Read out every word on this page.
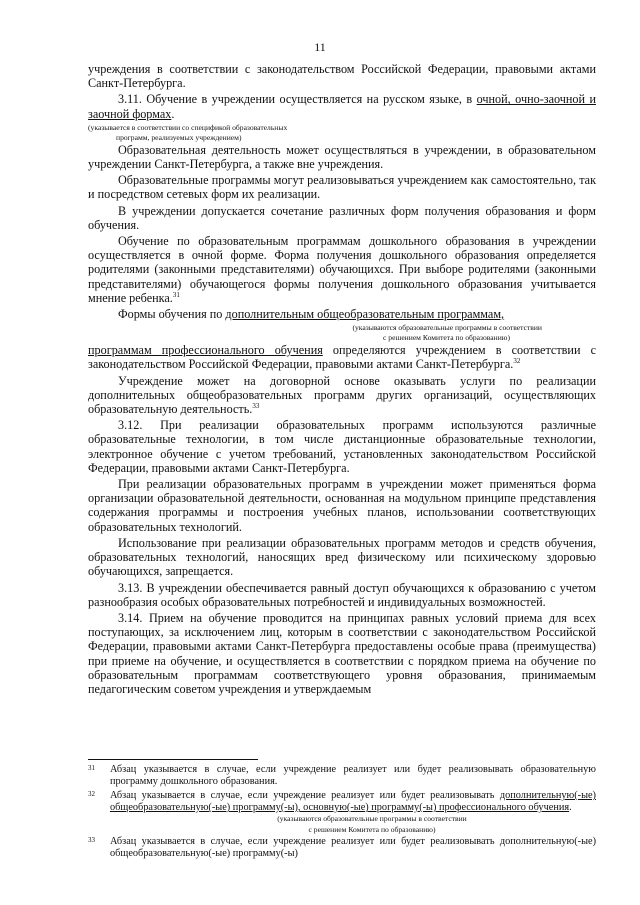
11

учреждения в соответствии с законодательством Российской Федерации, правовыми актами Санкт-Петербурга.

3.11. Обучение в учреждении осуществляется на русском языке, в очной, очно-заочной и заочной формах.

(указывается в соответствии со спецификой образовательных

программ, реализуемых учреждением)

Образовательная деятельность может осуществляться в учреждении, в образовательном учреждении Санкт-Петербурга, а также вне учреждения.

Образовательные программы могут реализовываться учреждением как самостоятельно, так и посредством сетевых форм их реализации.

В учреждении допускается сочетание различных форм получения образования и форм обучения.

Обучение по образовательным программам дошкольного образования в учреждении осуществляется в очной форме. Форма получения дошкольного образования определяется родителями (законными представителями) обучающихся. При выборе родителями (законными представителями) обучающегося формы получения дошкольного образования учитывается мнение ребенка.$^{31}$

Формы обучения по дополнительным общеобразовательным программам,

(указываются образовательные программы в соответствии

с решением Комитета по образованию)

программам профессионального обучения определяются учреждением в соответствии с законодательством Российской Федерации, правовыми актами Санкт-Петербурга.$^{32}$

Учреждение может на договорной основе оказывать услуги по реализации дополнительных общеобразовательных программ других организаций, осуществляющих образовательную деятельность.$^{33}$

3.12. При реализации образовательных программ используются различные образовательные технологии, в том числе дистанционные образовательные технологии, электронное обучение с учетом требований, установленных законодательством Российской Федерации, правовыми актами Санкт-Петербурга.

При реализации образовательных программ в учреждении может применяться форма организации образовательной деятельности, основанная на модульном принципе представления содержания программы и построения учебных планов, использовании соответствующих образовательных технологий.

Использование при реализации образовательных программ методов и средств обучения, образовательных технологий, наносящих вред физическому или психическому здоровью обучающихся, запрещается.

3.13. В учреждении обеспечивается равный доступ обучающихся к образованию с учетом разнообразия особых образовательных потребностей и индивидуальных возможностей.

3.14. Прием на обучение проводится на принципах равных условий приема для всех поступающих, за исключением лиц, которым в соответствии с законодательством Российской Федерации, правовыми актами Санкт-Петербурга предоставлены особые права (преимущества) при приеме на обучение, и осуществляется в соответствии с порядком приема на обучение по образовательным программам соответствующего уровня образования, принимаемым педагогическим советом учреждения и утверждаемым

31 Абзац указывается в случае, если учреждение реализует или будет реализовывать образовательную программу дошкольного образования.

32 Абзац указывается в случае, если учреждение реализует или будет реализовывать дополнительную(-ые) общеобразовательную(-ые) программу(-ы), основную(-ые) программу(-ы) профессионального обучения.

(указываются образовательные программы в соответствии

с решением Комитета по образованию)

33 Абзац указывается в случае, если учреждение реализует или будет реализовывать дополнительную(-ые) общеобразовательную(-ые) программу(-ы)
